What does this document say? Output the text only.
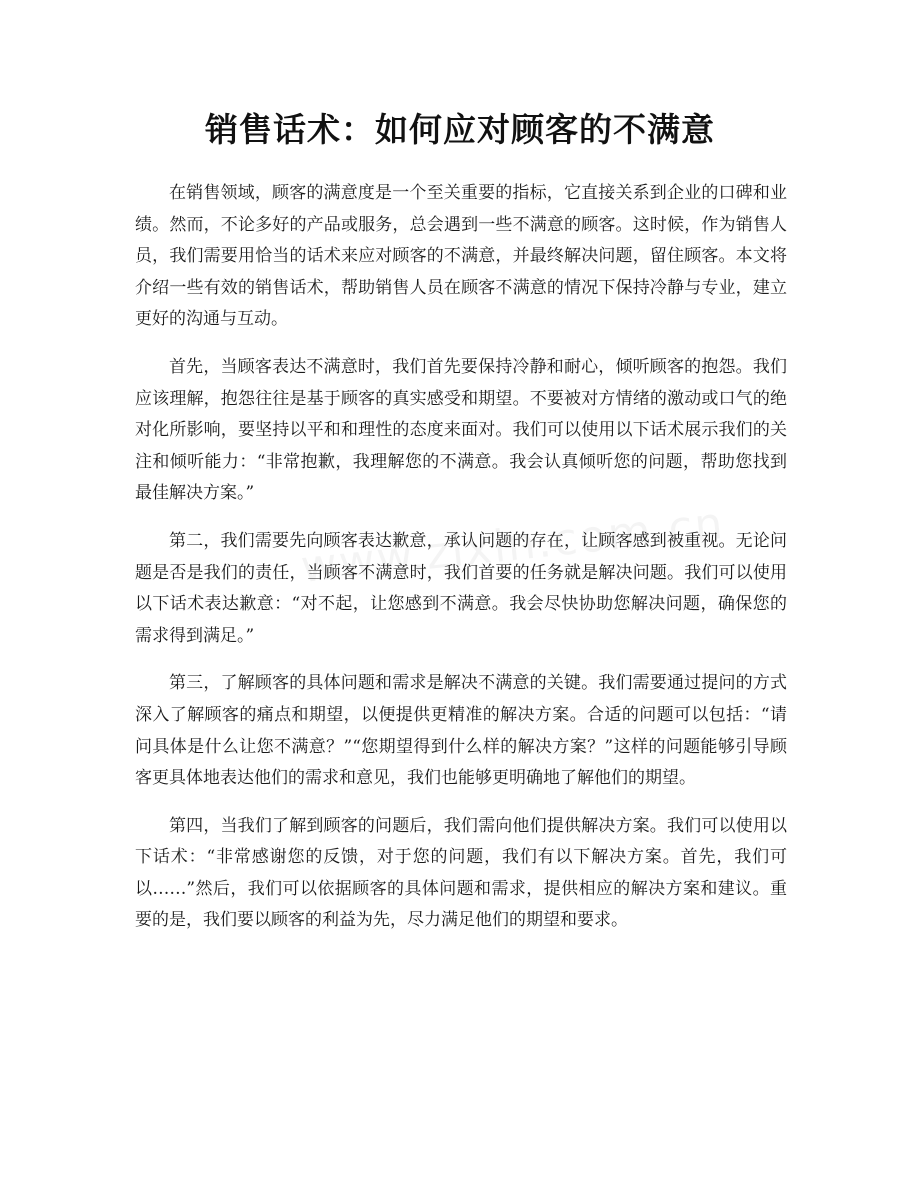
销售话术：如何应对顾客的不满意

在销售领域，顾客的满意度是一个至关重要的指标，它直接关系到企业的口碑和业绩。然而，不论多好的产品或服务，总会遇到一些不满意的顾客。这时候，作为销售人员，我们需要用恰当的话术来应对顾客的不满意，并最终解决问题，留住顾客。本文将介绍一些有效的销售话术，帮助销售人员在顾客不满意的情况下保持冷静与专业，建立更好的沟通与互动。

首先，当顾客表达不满意时，我们首先要保持冷静和耐心，倾听顾客的抱怨。我们应该理解，抱怨往往是基于顾客的真实感受和期望。不要被对方情绪的激动或口气的绝对化所影响，要坚持以平和和理性的态度来面对。我们可以使用以下话术展示我们的关注和倾听能力：“非常抱歉，我理解您的不满意。我会认真倾听您的问题，帮助您找到最佳解决方案。”

第二，我们需要先向顾客表达歉意，承认问题的存在，让顾客感到被重视。无论问题是否是我们的责任，当顾客不满意时，我们首要的任务就是解决问题。我们可以使用以下话术表达歉意：“对不起，让您感到不满意。我会尽快协助您解决问题，确保您的需求得到满足。”

第三，了解顾客的具体问题和需求是解决不满意的关键。我们需要通过提问的方式深入了解顾客的痛点和期望，以便提供更精准的解决方案。合适的问题可以包括：“请问具体是什么让您不满意？”“您期望得到什么样的解决方案？”这样的问题能够引导顾客更具体地表达他们的需求和意见，我们也能够更明确地了解他们的期望。

第四，当我们了解到顾客的问题后，我们需向他们提供解决方案。我们可以使用以下话术：“非常感谢您的反馈，对于您的问题，我们有以下解决方案。首先，我们可以……”然后，我们可以依据顾客的具体问题和需求，提供相应的解决方案和建议。重要的是，我们要以顾客的利益为先，尽力满足他们的期望和要求。
